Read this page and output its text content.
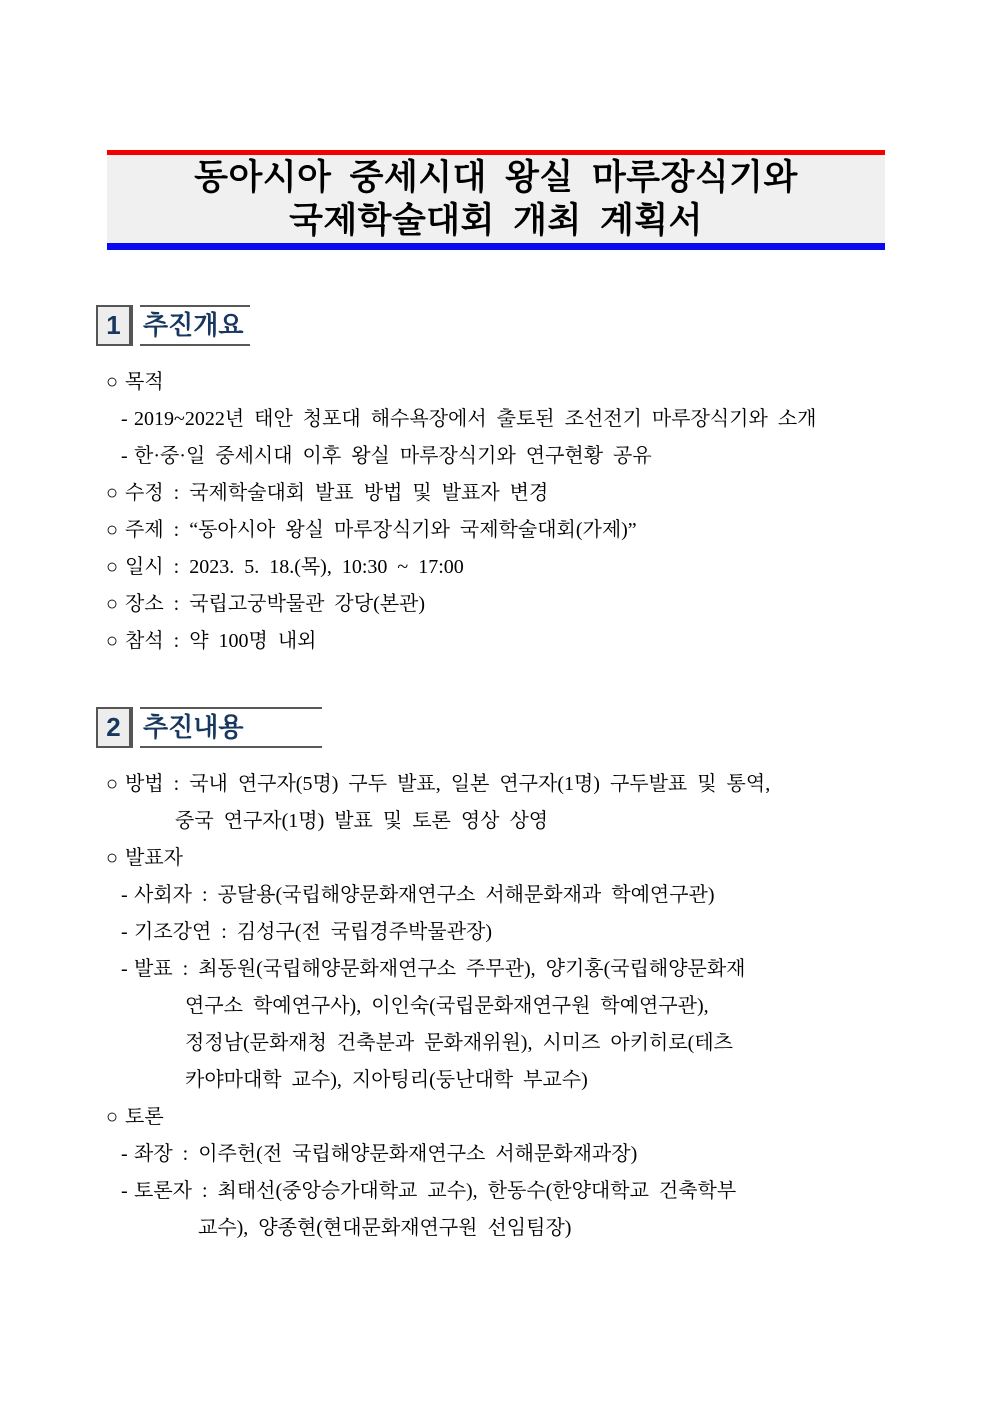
동아시아 중세시대 왕실 마루장식기와
국제학술대회 개최 계획서
1 추진개요
○ 목적
- 2019~2022년 태안 청포대 해수욕장에서 출토된 조선전기 마루장식기와 소개
- 한·중·일 중세시대 이후 왕실 마루장식기와 연구현황 공유
○ 수정 : 국제학술대회 발표 방법 및 발표자 변경
○ 주제 : “동아시아 왕실 마루장식기와 국제학술대회(가제)”
○ 일시 : 2023. 5. 18.(목), 10:30 ~ 17:00
○ 장소 : 국립고궁박물관 강당(본관)
○ 참석 : 약 100명 내외
2 추진내용
○ 방법 : 국내 연구자(5명) 구두 발표, 일본 연구자(1명) 구두발표 및 통역,
중국 연구자(1명) 발표 및 토론 영상 상영
○ 발표자
- 사회자 : 공달용(국립해양문화재연구소 서해문화재과 학예연구관)
- 기조강연 : 김성구(전 국립경주박물관장)
- 발표 : 최동원(국립해양문화재연구소 주무관), 양기홍(국립해양문화재
연구소 학예연구사), 이인숙(국립문화재연구원 학예연구관),
정정남(문화재청 건축분과 문화재위원), 시미즈 아키히로(테츠
카야마대학 교수), 지아팅리(둥난대학 부교수)
○ 토론
- 좌장 : 이주헌(전 국립해양문화재연구소 서해문화재과장)
- 토론자 : 최태선(중앙승가대학교 교수), 한동수(한양대학교 건축학부
교수), 양종현(현대문화재연구원 선임팀장)
